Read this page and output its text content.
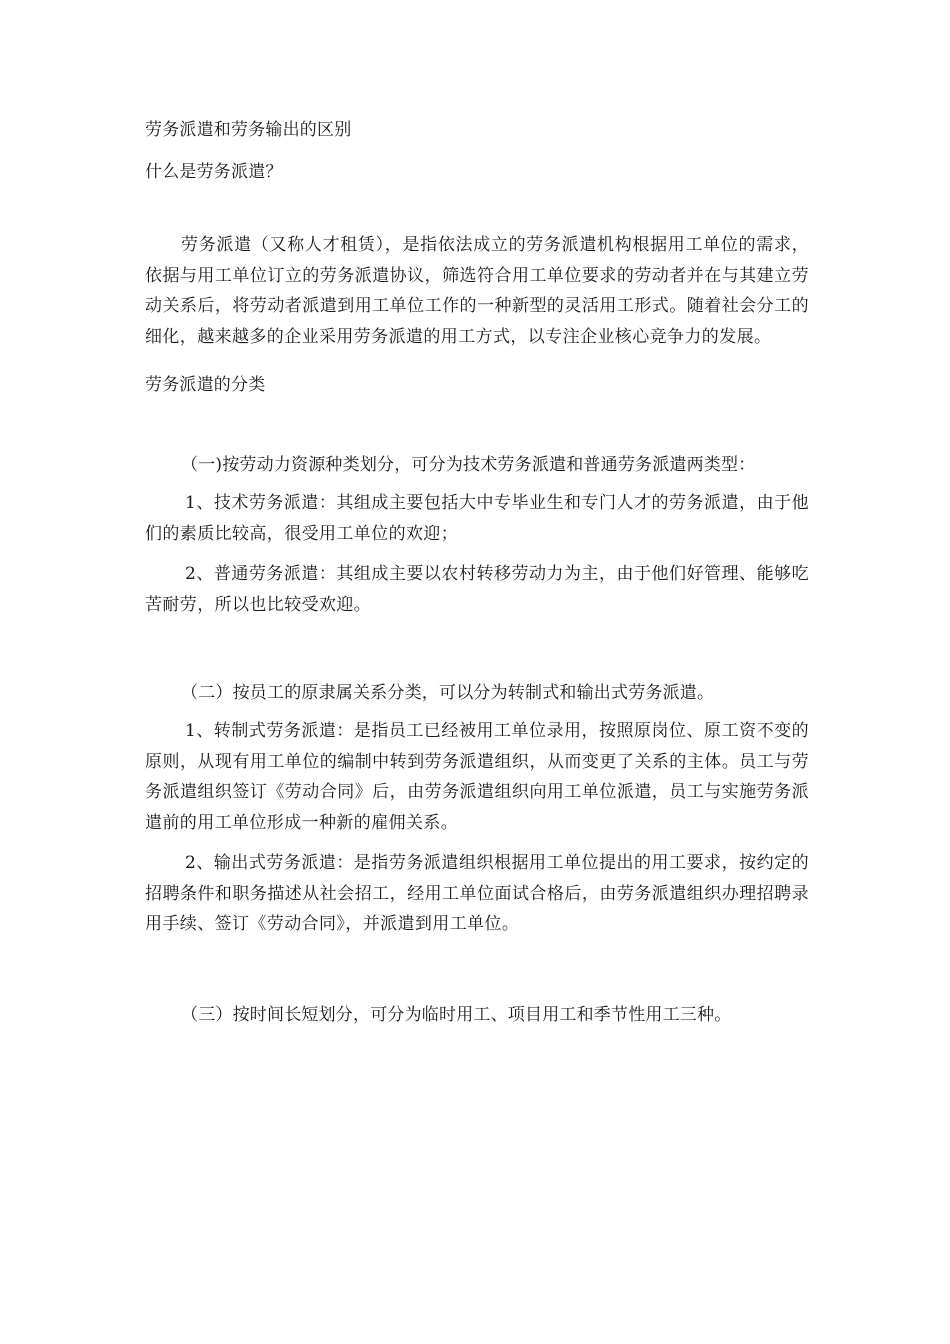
劳务派遣和劳务输出的区别

什么是劳务派遣？

劳务派遣（又称人才租赁），是指依法成立的劳务派遣机构根据用工单位的需求，依据与用工单位订立的劳务派遣协议，筛选符合用工单位要求的劳动者并在与其建立劳动关系后，将劳动者派遣到用工单位工作的一种新型的灵活用工形式。随着社会分工的细化，越来越多的企业采用劳务派遣的用工方式，以专注企业核心竞争力的发展。

劳务派遣的分类

（一)按劳动力资源种类划分，可分为技术劳务派遣和普通劳务派遣两类型：

1、技术劳务派遣：其组成主要包括大中专毕业生和专门人才的劳务派遣，由于他们的素质比较高，很受用工单位的欢迎；

2、普通劳务派遣：其组成主要以农村转移劳动力为主，由于他们好管理、能够吃苦耐劳，所以也比较受欢迎。

（二）按员工的原隶属关系分类，可以分为转制式和输出式劳务派遣。

1、转制式劳务派遣：是指员工已经被用工单位录用，按照原岗位、原工资不变的原则，从现有用工单位的编制中转到劳务派遣组织，从而变更了关系的主体。员工与劳务派遣组织签订《劳动合同》后，由劳务派遣组织向用工单位派遣，员工与实施劳务派遣前的用工单位形成一种新的雇佣关系。

2、输出式劳务派遣：是指劳务派遣组织根据用工单位提出的用工要求，按约定的招聘条件和职务描述从社会招工，经用工单位面试合格后，由劳务派遣组织办理招聘录用手续、签订《劳动合同》，并派遣到用工单位。

（三）按时间长短划分，可分为临时用工、项目用工和季节性用工三种。
